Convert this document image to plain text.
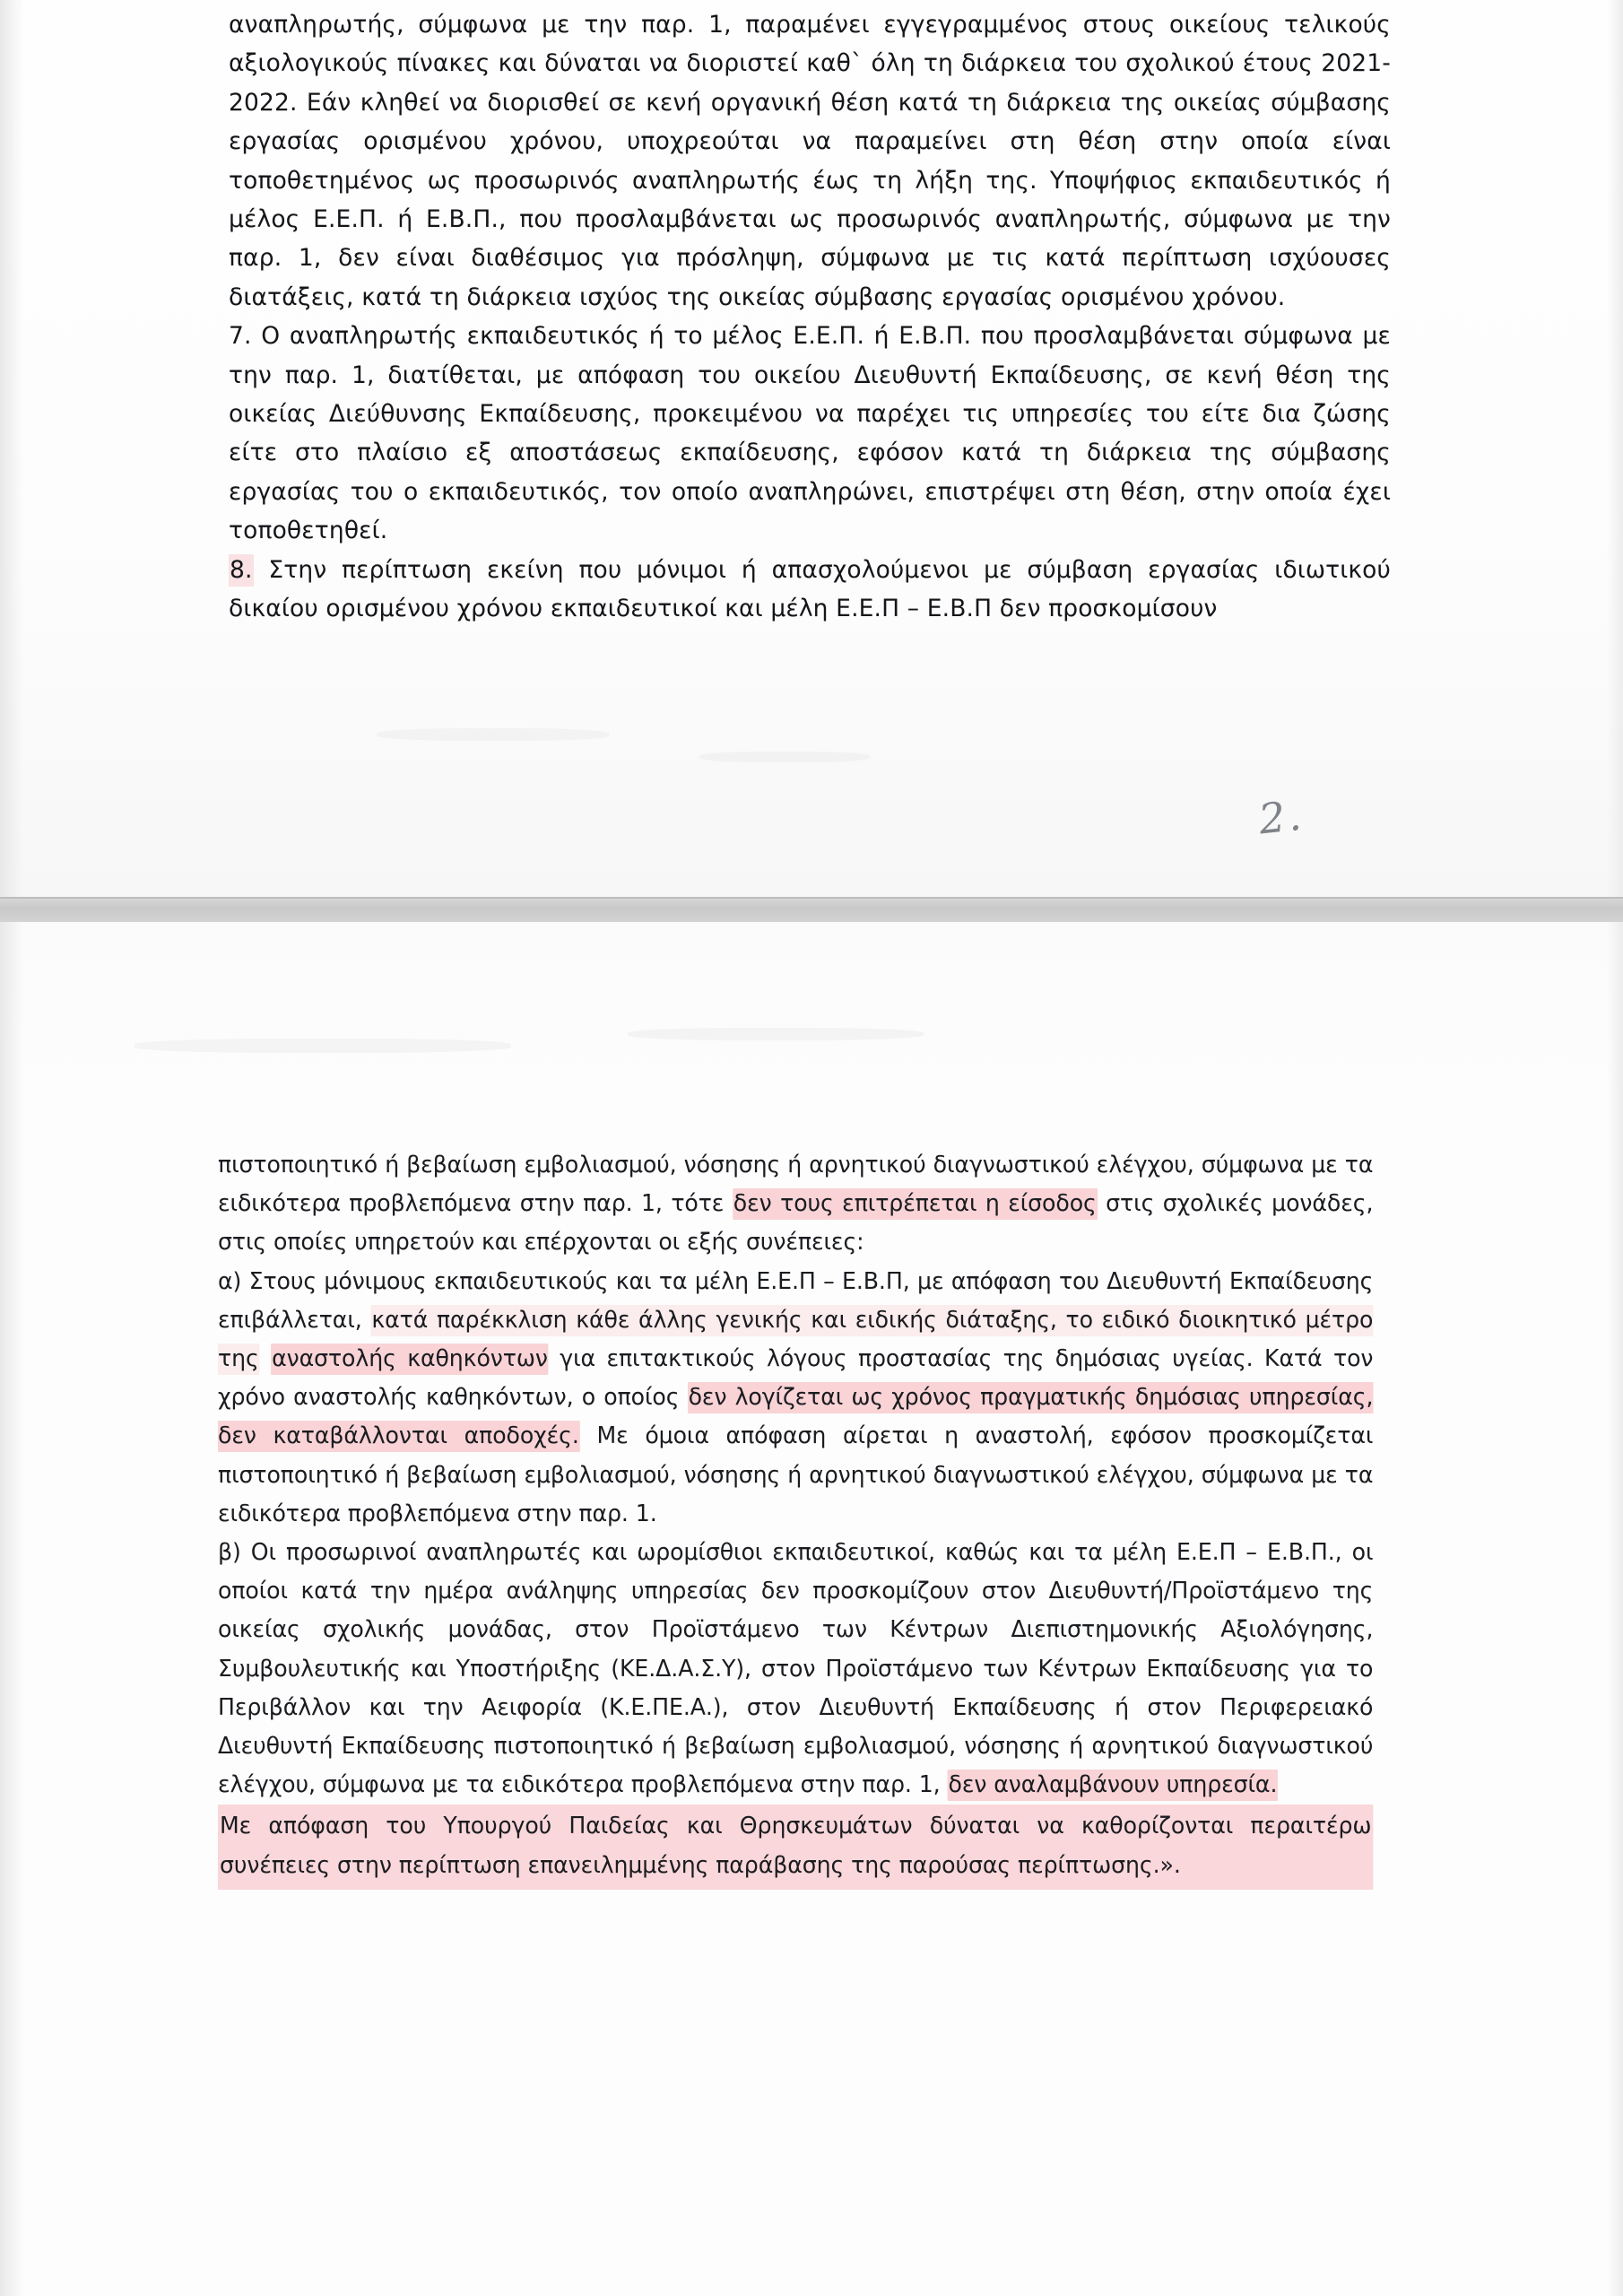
αναπληρωτής, σύμφωνα με την παρ. 1, παραμένει εγγεγραμμένος στους οικείους τελικούς αξιολογικούς πίνακες και δύναται να διοριστεί καθ` όλη τη διάρκεια του σχολικού έτους 2021-2022. Εάν κληθεί να διορισθεί σε κενή οργανική θέση κατά τη διάρκεια της οικείας σύμβασης εργασίας ορισμένου χρόνου, υποχρεούται να παραμείνει στη θέση στην οποία είναι τοποθετημένος ως προσωρινός αναπληρωτής έως τη λήξη της. Υποψήφιος εκπαιδευτικός ή μέλος Ε.Ε.Π. ή Ε.Β.Π., που προσλαμβάνεται ως προσωρινός αναπληρωτής, σύμφωνα με την παρ. 1, δεν είναι διαθέσιμος για πρόσληψη, σύμφωνα με τις κατά περίπτωση ισχύουσες διατάξεις, κατά τη διάρκεια ισχύος της οικείας σύμβασης εργασίας ορισμένου χρόνου.

7. Ο αναπληρωτής εκπαιδευτικός ή το μέλος Ε.Ε.Π. ή Ε.Β.Π. που προσλαμβάνεται σύμφωνα με την παρ. 1, διατίθεται, με απόφαση του οικείου Διευθυντή Εκπαίδευσης, σε κενή θέση της οικείας Διεύθυνσης Εκπαίδευσης, προκειμένου να παρέχει τις υπηρεσίες του είτε δια ζώσης είτε στο πλαίσιο εξ αποστάσεως εκπαίδευσης, εφόσον κατά τη διάρκεια της σύμβασης εργασίας του ο εκπαιδευτικός, τον οποίο αναπληρώνει, επιστρέψει στη θέση, στην οποία έχει τοποθετηθεί.

8. Στην περίπτωση εκείνη που μόνιμοι ή απασχολούμενοι με σύμβαση εργασίας ιδιωτικού δικαίου ορισμένου χρόνου εκπαιδευτικοί και μέλη Ε.Ε.Π – Ε.Β.Π δεν προσκομίσουν

2.

πιστοποιητικό ή βεβαίωση εμβολιασμού, νόσησης ή αρνητικού διαγνωστικού ελέγχου, σύμφωνα με τα ειδικότερα προβλεπόμενα στην παρ. 1, τότε δεν τους επιτρέπεται η είσοδος στις σχολικές μονάδες, στις οποίες υπηρετούν και επέρχονται οι εξής συνέπειες:

α) Στους μόνιμους εκπαιδευτικούς και τα μέλη Ε.Ε.Π – Ε.Β.Π, με απόφαση του Διευθυντή Εκπαίδευσης επιβάλλεται, κατά παρέκκλιση κάθε άλλης γενικής και ειδικής διάταξης, το ειδικό διοικητικό μέτρο της αναστολής καθηκόντων για επιτακτικούς λόγους προστασίας της δημόσιας υγείας. Κατά τον χρόνο αναστολής καθηκόντων, ο οποίος δεν λογίζεται ως χρόνος πραγματικής δημόσιας υπηρεσίας, δεν καταβάλλονται αποδοχές. Με όμοια απόφαση αίρεται η αναστολή, εφόσον προσκομίζεται πιστοποιητικό ή βεβαίωση εμβολιασμού, νόσησης ή αρνητικού διαγνωστικού ελέγχου, σύμφωνα με τα ειδικότερα προβλεπόμενα στην παρ. 1.

β) Οι προσωρινοί αναπληρωτές και ωρομίσθιοι εκπαιδευτικοί, καθώς και τα μέλη Ε.Ε.Π – Ε.Β.Π., οι οποίοι κατά την ημέρα ανάληψης υπηρεσίας δεν προσκομίζουν στον Διευθυντή/Προϊστάμενο της οικείας σχολικής μονάδας, στον Προϊστάμενο των Κέντρων Διεπιστημονικής Αξιολόγησης, Συμβουλευτικής και Υποστήριξης (ΚΕ.Δ.Α.Σ.Υ), στον Προϊστάμενο των Κέντρων Εκπαίδευσης για το Περιβάλλον και την Αειφορία (Κ.Ε.ΠΕ.Α.), στον Διευθυντή Εκπαίδευσης ή στον Περιφερειακό Διευθυντή Εκπαίδευσης πιστοποιητικό ή βεβαίωση εμβολιασμού, νόσησης ή αρνητικού διαγνωστικού ελέγχου, σύμφωνα με τα ειδικότερα προβλεπόμενα στην παρ. 1, δεν αναλαμβάνουν υπηρεσία.

Με απόφαση του Υπουργού Παιδείας και Θρησκευμάτων δύναται να καθορίζονται περαιτέρω συνέπειες στην περίπτωση επανειλημμένης παράβασης της παρούσας περίπτωσης.».
